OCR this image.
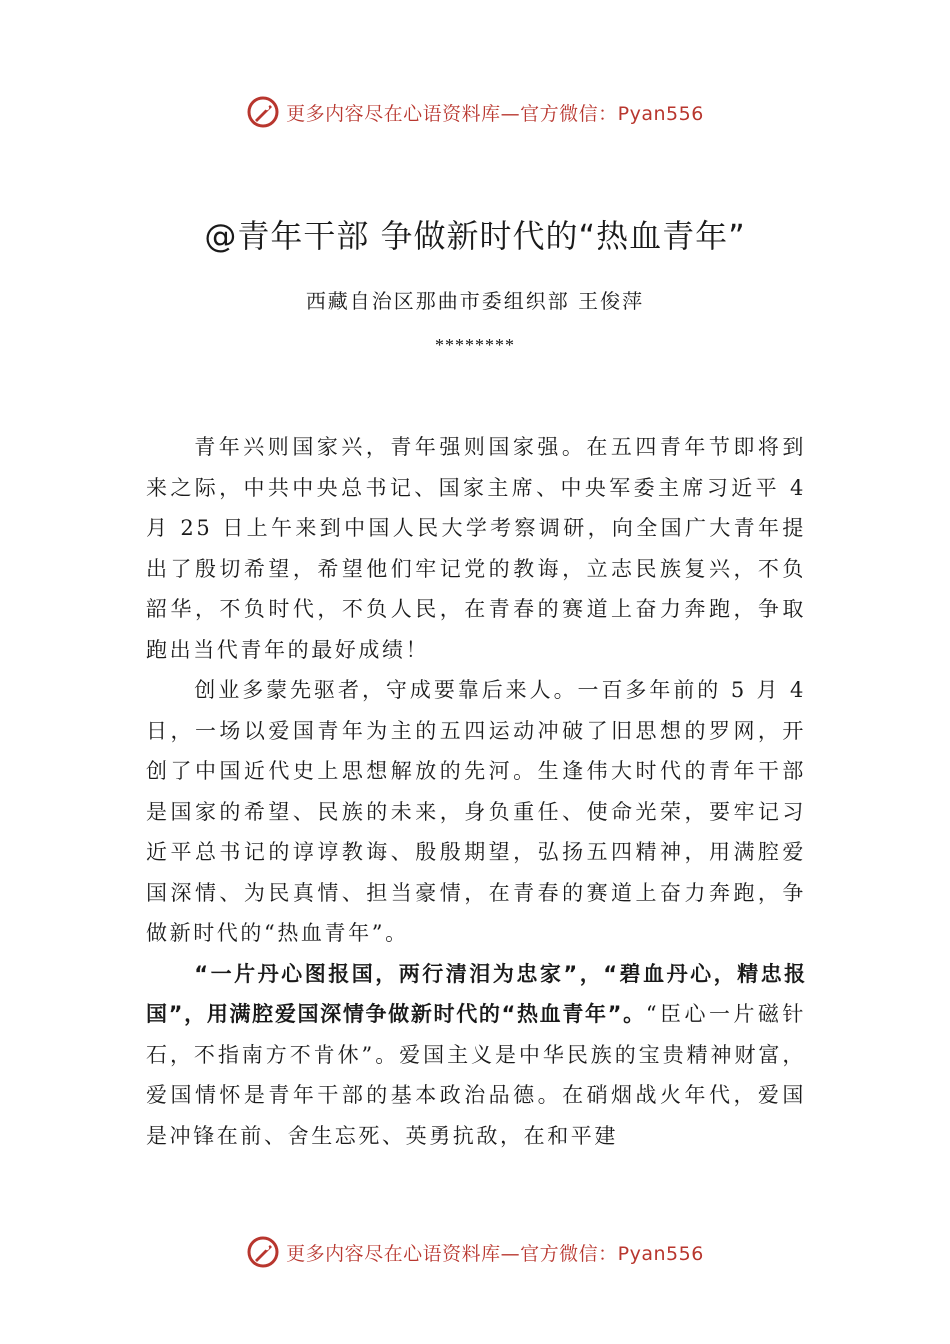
更多内容尽在心语资料库—官方微信：Pyan556
@青年干部 争做新时代的“热血青年”
西藏自治区那曲市委组织部 王俊萍
********

青年兴则国家兴，青年强则国家强。在五四青年节即将到来之际，中共中央总书记、国家主席、中央军委主席习近平 4 月 25 日上午来到中国人民大学考察调研，向全国广大青年提出了殷切希望，希望他们牢记党的教诲，立志民族复兴，不负韶华，不负时代，不负人民，在青春的赛道上奋力奔跑，争取跑出当代青年的最好成绩！

创业多蒙先驱者，守成要靠后来人。一百多年前的 5 月 4 日，一场以爱国青年为主的五四运动冲破了旧思想的罗网，开创了中国近代史上思想解放的先河。生逢伟大时代的青年干部是国家的希望、民族的未来，身负重任、使命光荣，要牢记习近平总书记的谆谆教诲、殷殷期望，弘扬五四精神，用满腔爱国深情、为民真情、担当豪情，在青春的赛道上奋力奔跑，争做新时代的“热血青年”。

“一片丹心图报国，两行清泪为忠家”，“碧血丹心，精忠报国”，用满腔爱国深情争做新时代的“热血青年”。“臣心一片磁针石，不指南方不肯休”。爱国主义是中华民族的宝贵精神财富，爱国情怀是青年干部的基本政治品德。在硝烟战火年代，爱国是冲锋在前、舍生忘死、英勇抗敌，在和平建

更多内容尽在心语资料库—官方微信：Pyan556
